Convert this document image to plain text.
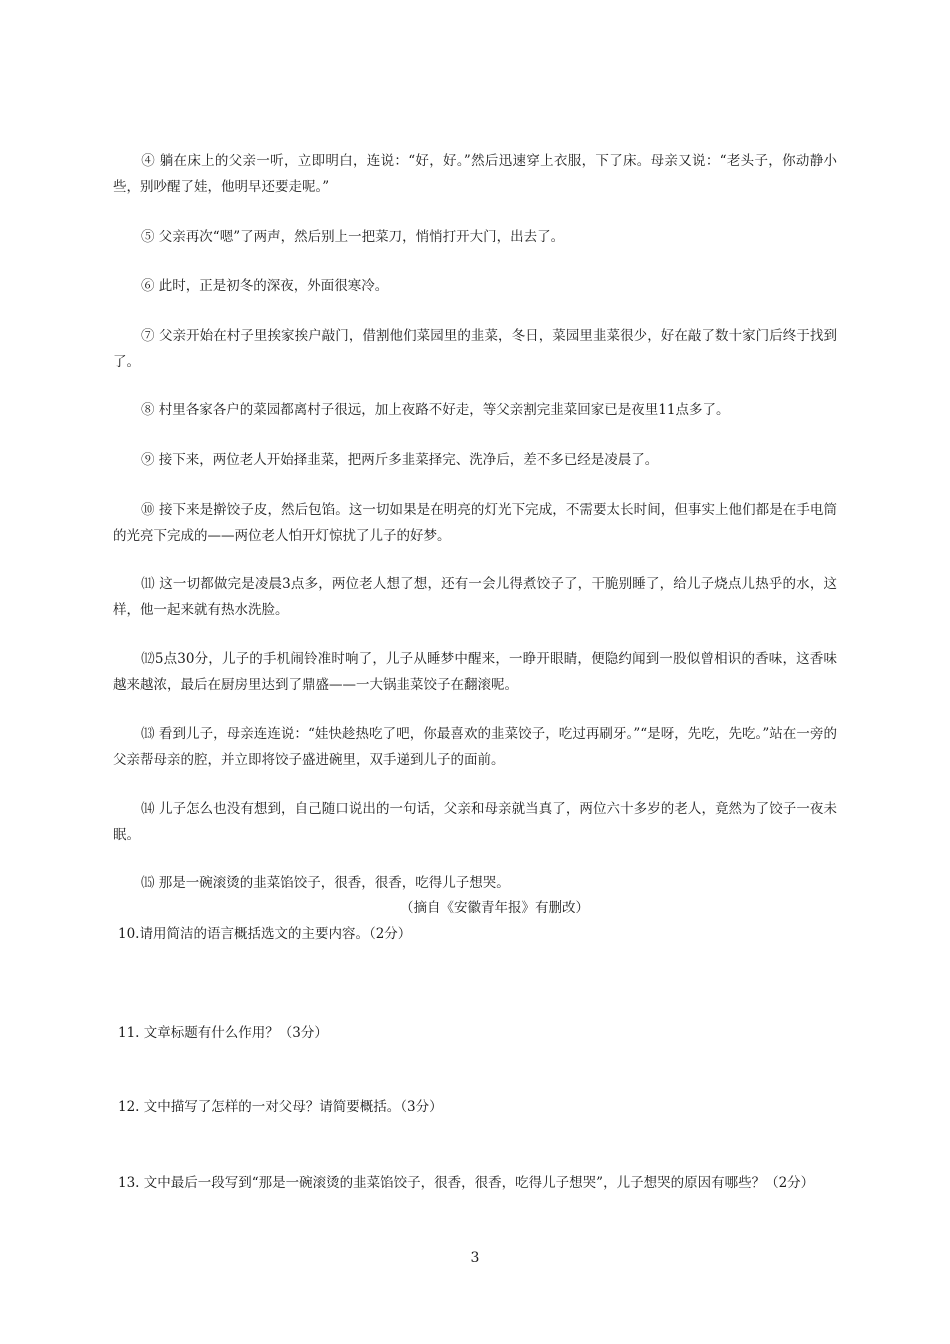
④ 躺在床上的父亲一听，立即明白，连说：“好，好。”然后迅速穿上衣服，下了床。母亲又说：“老头子，你动静小些，别吵醒了娃，他明早还要走呢。”

⑤ 父亲再次“嗯”了两声，然后别上一把菜刀，悄悄打开大门，出去了。

⑥ 此时，正是初冬的深夜，外面很寒冷。

⑦ 父亲开始在村子里挨家挨户敲门，借割他们菜园里的韭菜，冬日，菜园里韭菜很少，好在敲了数十家门后终于找到了。

⑧ 村里各家各户的菜园都离村子很远，加上夜路不好走，等父亲割完韭菜回家已是夜里11点多了。

⑨ 接下来，两位老人开始择韭菜，把两斤多韭菜择完、洗净后，差不多已经是凌晨了。

⑩ 接下来是擀饺子皮，然后包馅。这一切如果是在明亮的灯光下完成，不需要太长时间，但事实上他们都是在手电筒的光亮下完成的——两位老人怕开灯惊扰了儿子的好梦。

⑾ 这一切都做完是凌晨3点多，两位老人想了想，还有一会儿得煮饺子了，干脆别睡了，给儿子烧点儿热乎的水，这样，他一起来就有热水洗脸。

⑿5点30分，儿子的手机闹铃准时响了，儿子从睡梦中醒来，一睁开眼睛，便隐约闻到一股似曾相识的香味，这香味越来越浓，最后在厨房里达到了鼎盛——一大锅韭菜饺子在翻滚呢。

⒀ 看到儿子，母亲连连说：“娃快趁热吃了吧，你最喜欢的韭菜饺子，吃过再刷牙。”“是呀，先吃，先吃。”站在一旁的父亲帮母亲的腔，并立即将饺子盛进碗里，双手递到儿子的面前。

⒁ 儿子怎么也没有想到，自己随口说出的一句话，父亲和母亲就当真了，两位六十多岁的老人，竟然为了饺子一夜未眠。

⒂ 那是一碗滚烫的韭菜馅饺子，很香，很香，吃得儿子想哭。

（摘自《安徽青年报》有删改）

10.请用简洁的语言概括选文的主要内容。（2分）

11. 文章标题有什么作用？（3分）

12. 文中描写了怎样的一对父母？请简要概括。（3分）

13. 文中最后一段写到“那是一碗滚烫的韭菜馅饺子，很香，很香，吃得儿子想哭”，儿子想哭的原因有哪些？（2分）

3
